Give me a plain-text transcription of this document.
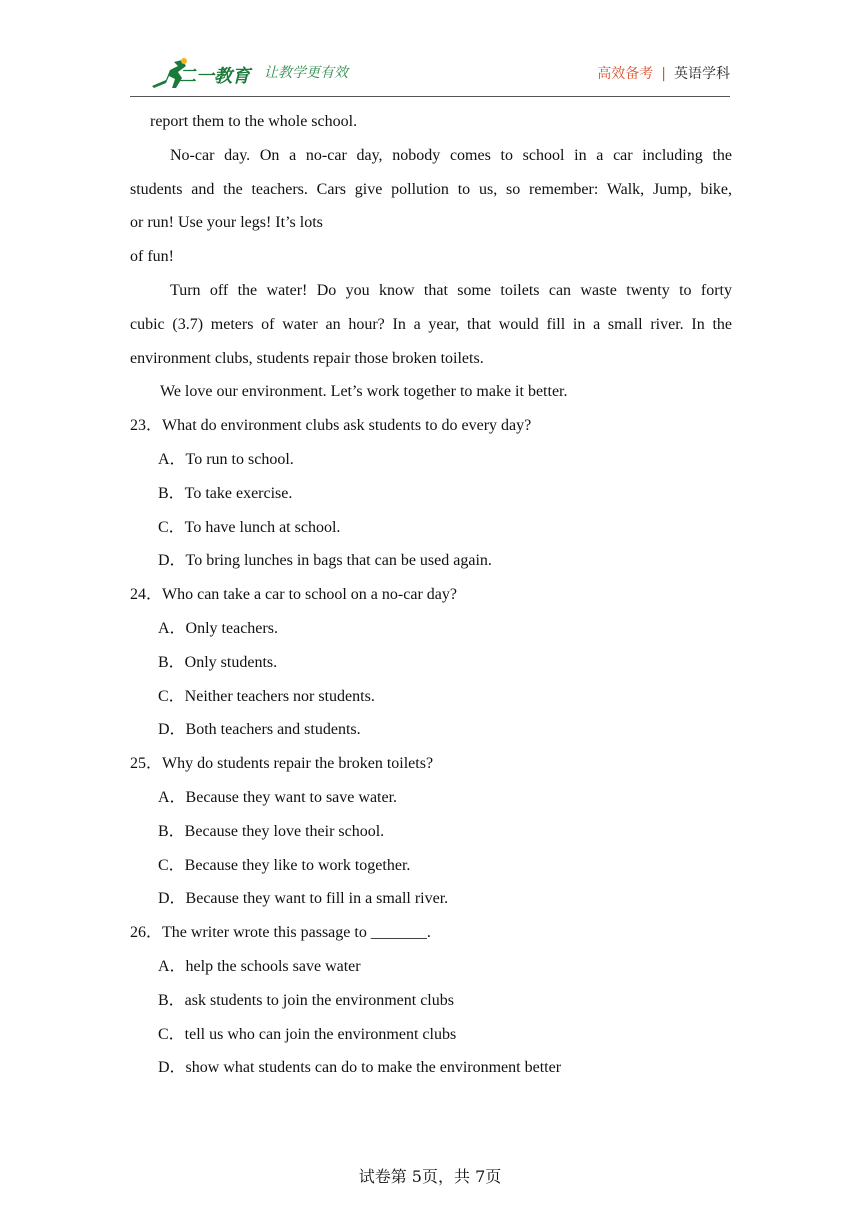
二一教育 让教学更有效	高效备考 | 英语学科
report them to the whole school.
No-car day. On a no-car day, nobody comes to school in a car including the
students and the teachers. Cars give pollution to us, so remember: Walk, Jump, bike,
or run! Use your legs! It’s lots
of fun!
Turn off the water! Do you know that some toilets can waste twenty to forty
cubic (3.7) meters of water an hour? In a year, that would fill in a small river. In the
environment clubs, students repair those broken toilets.
We love our environment. Let’s work together to make it better.
23．What do environment clubs ask students to do every day?
A．To run to school.
B．To take exercise.
C．To have lunch at school.
D．To bring lunches in bags that can be used again.
24．Who can take a car to school on a no-car day?
A．Only teachers.
B．Only students.
C．Neither teachers nor students.
D．Both teachers and students.
25．Why do students repair the broken toilets?
A．Because they want to save water.
B．Because they love their school.
C．Because they like to work together.
D．Because they want to fill in a small river.
26．The writer wrote this passage to _______.
A．help the schools save water
B．ask students to join the environment clubs
C．tell us who can join the environment clubs
D．show what students can do to make the environment better
试卷第 5页，共 7页
